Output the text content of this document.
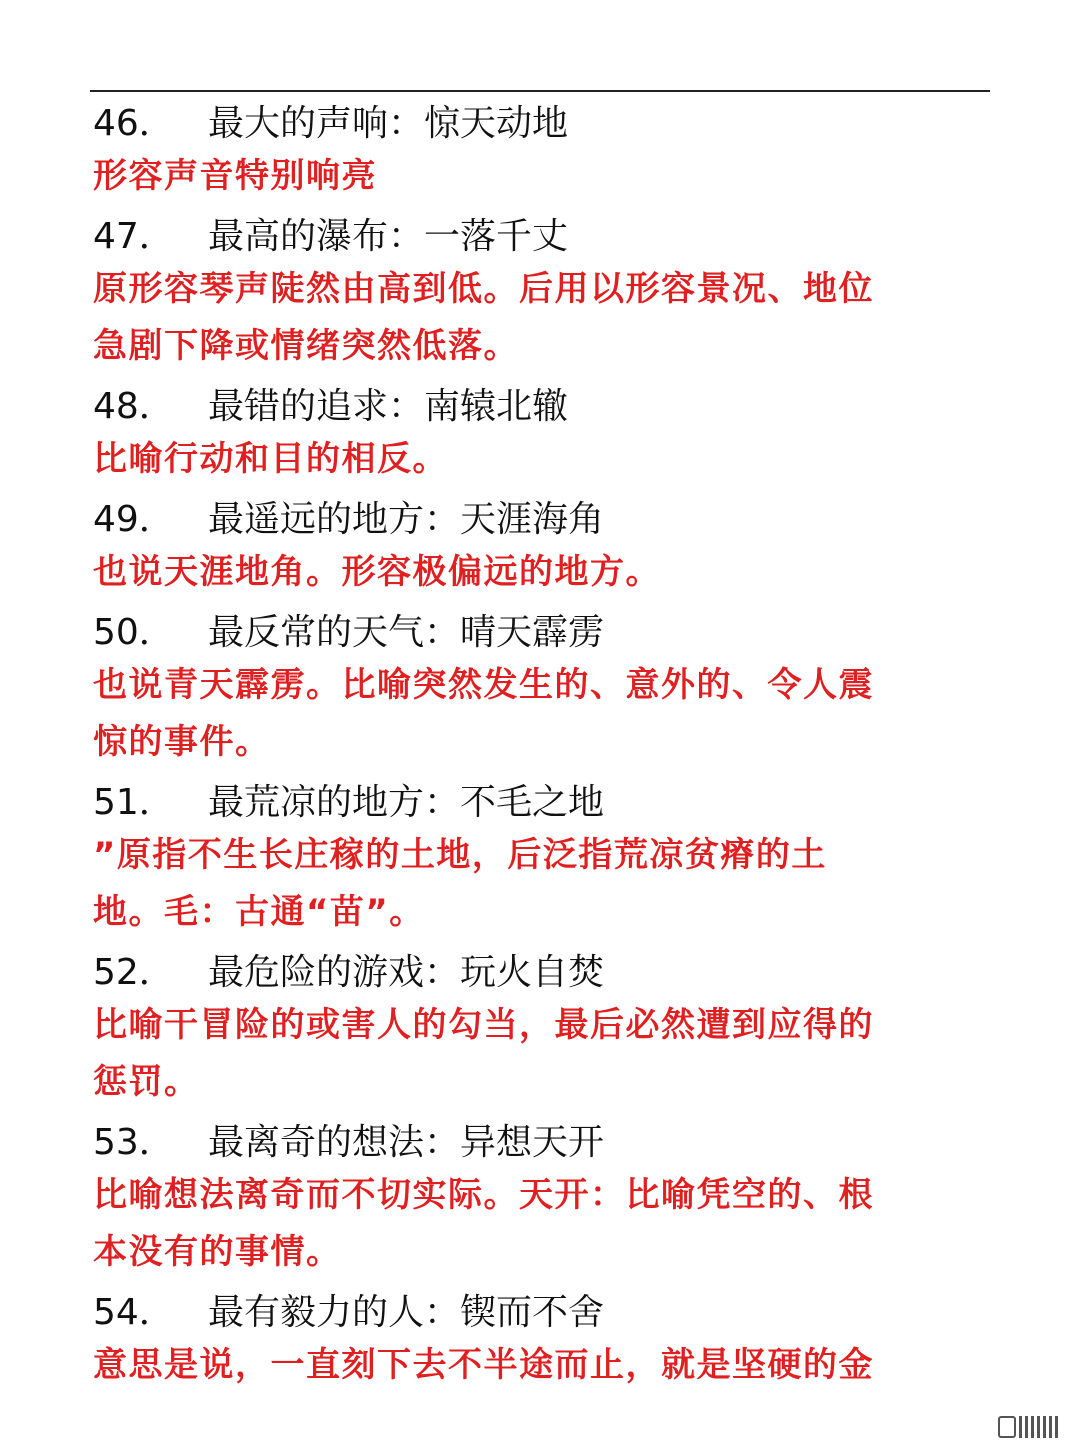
46． 最大的声响：惊天动地
形容声音特别响亮
47． 最高的瀑布：一落千丈
原形容琴声陡然由高到低。后用以形容景况、地位
急剧下降或情绪突然低落。
48． 最错的追求：南辕北辙
比喻行动和目的相反。
49． 最遥远的地方：天涯海角
也说天涯地角。形容极偏远的地方。
50． 最反常的天气：晴天霹雳
也说青天霹雳。比喻突然发生的、意外的、令人震
惊的事件。
51． 最荒凉的地方：不毛之地
”原指不生长庄稼的土地，后泛指荒凉贫瘠的土
地。毛：古通“苗”。
52． 最危险的游戏：玩火自焚
比喻干冒险的或害人的勾当，最后必然遭到应得的
惩罚。
53． 最离奇的想法：异想天开
比喻想法离奇而不切实际。天开：比喻凭空的、根
本没有的事情。
54． 最有毅力的人：锲而不舍
意思是说，一直刻下去不半途而止，就是坚硬的金
